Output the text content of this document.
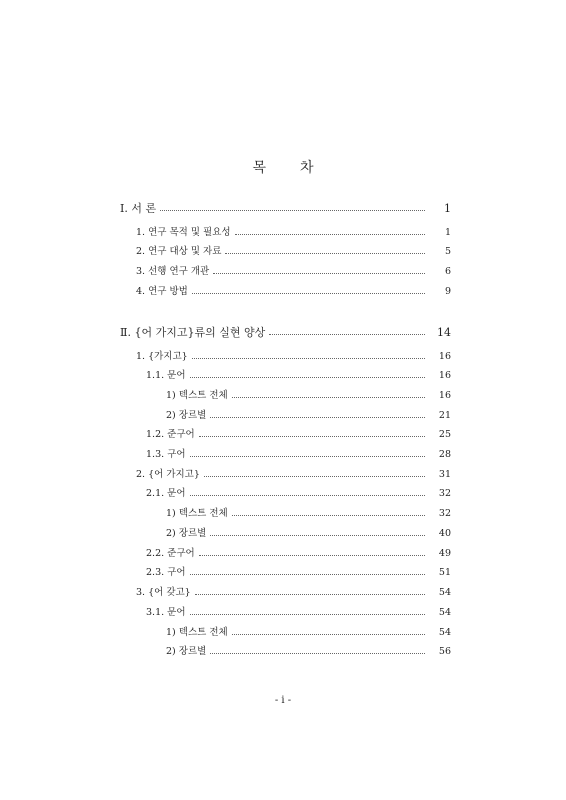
목 차
Ⅰ. 서 론	1
1. 연구 목적 및 필요성	1
2. 연구 대상 및 자료	5
3. 선행 연구 개관	6
4. 연구 방법	9
Ⅱ. {어 가지고}류의 실현 양상	14
1. {가지고}	16
1.1. 문어	16
1) 텍스트 전체	16
2) 장르별	21
1.2. 준구어	25
1.3. 구어	28
2. {어 가지고}	31
2.1. 문어	32
1) 텍스트 전체	32
2) 장르별	40
2.2. 준구어	49
2.3. 구어	51
3. {어 갖고}	54
3.1. 문어	54
1) 텍스트 전체	54
2) 장르별	56
- i -
